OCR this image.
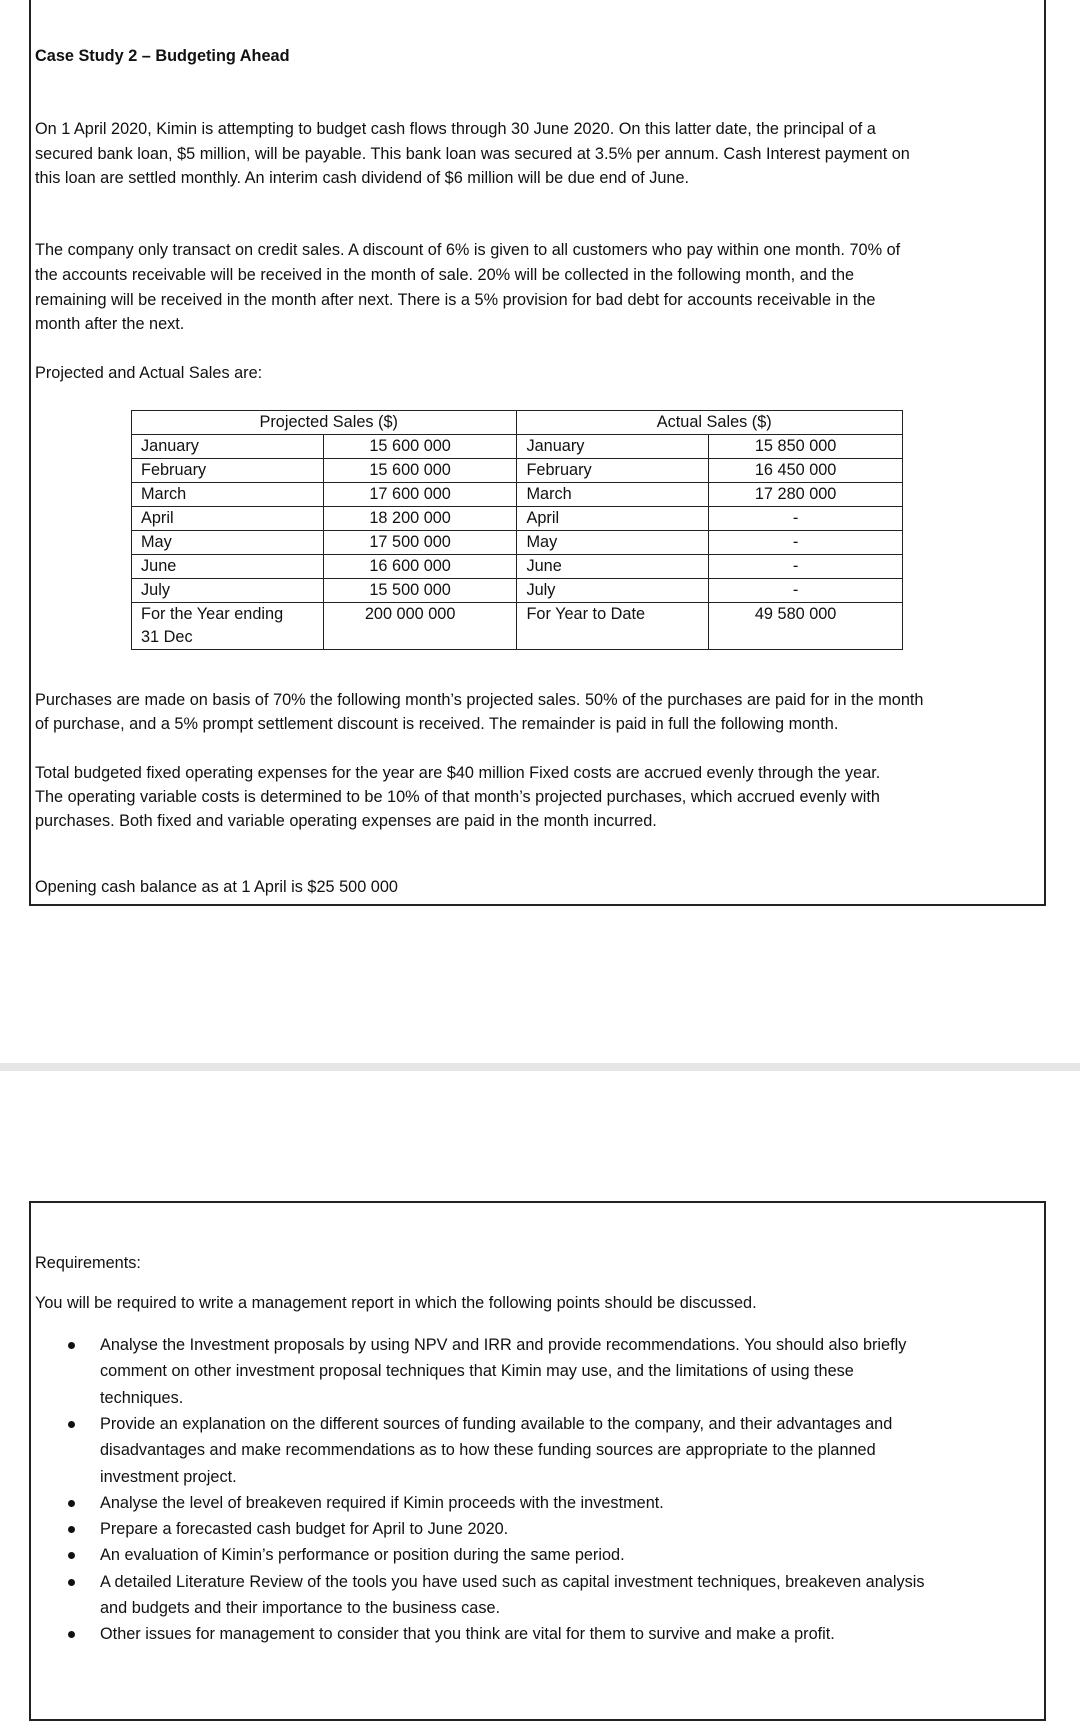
Case Study 2 – Budgeting Ahead
On 1 April 2020, Kimin is attempting to budget cash flows through 30 June 2020. On this latter date, the principal of a
secured bank loan, $5 million, will be payable. This bank loan was secured at 3.5% per annum. Cash Interest payment on
this loan are settled monthly. An interim cash dividend of $6 million will be due end of June.
The company only transact on credit sales. A discount of 6% is given to all customers who pay within one month. 70% of
the accounts receivable will be received in the month of sale. 20% will be collected in the following month, and the
remaining will be received in the month after next. There is a 5% provision for bad debt for accounts receivable in the
month after the next.
Projected and Actual Sales are:
Projected Sales ($)		Actual Sales ($)	
January	15 600 000	January	15 850 000
February	15 600 000	February	16 450 000
March	17 600 000	March	17 280 000
April	18 200 000	April	-
May	17 500 000	May	-
June	16 600 000	June	-
July	15 500 000	July	-
For the Year ending
31 Dec	200 000 000	For Year to Date	49 580 000
Purchases are made on basis of 70% the following month’s projected sales. 50% of the purchases are paid for in the month
of purchase, and a 5% prompt settlement discount is received. The remainder is paid in full the following month.
Total budgeted fixed operating expenses for the year are $40 million Fixed costs are accrued evenly through the year.
The operating variable costs is determined to be 10% of that month’s projected purchases, which accrued evenly with
purchases. Both fixed and variable operating expenses are paid in the month incurred.
Opening cash balance as at 1 April is $25 500 000
Requirements:
You will be required to write a management report in which the following points should be discussed.
Analyse the Investment proposals by using NPV and IRR and provide recommendations. You should also briefly
comment on other investment proposal techniques that Kimin may use, and the limitations of using these
techniques.
Provide an explanation on the different sources of funding available to the company, and their advantages and
disadvantages and make recommendations as to how these funding sources are appropriate to the planned
investment project.
Analyse the level of breakeven required if Kimin proceeds with the investment.
Prepare a forecasted cash budget for April to June 2020.
An evaluation of Kimin’s performance or position during the same period.
A detailed Literature Review of the tools you have used such as capital investment techniques, breakeven analysis
and budgets and their importance to the business case.
Other issues for management to consider that you think are vital for them to survive and make a profit.
